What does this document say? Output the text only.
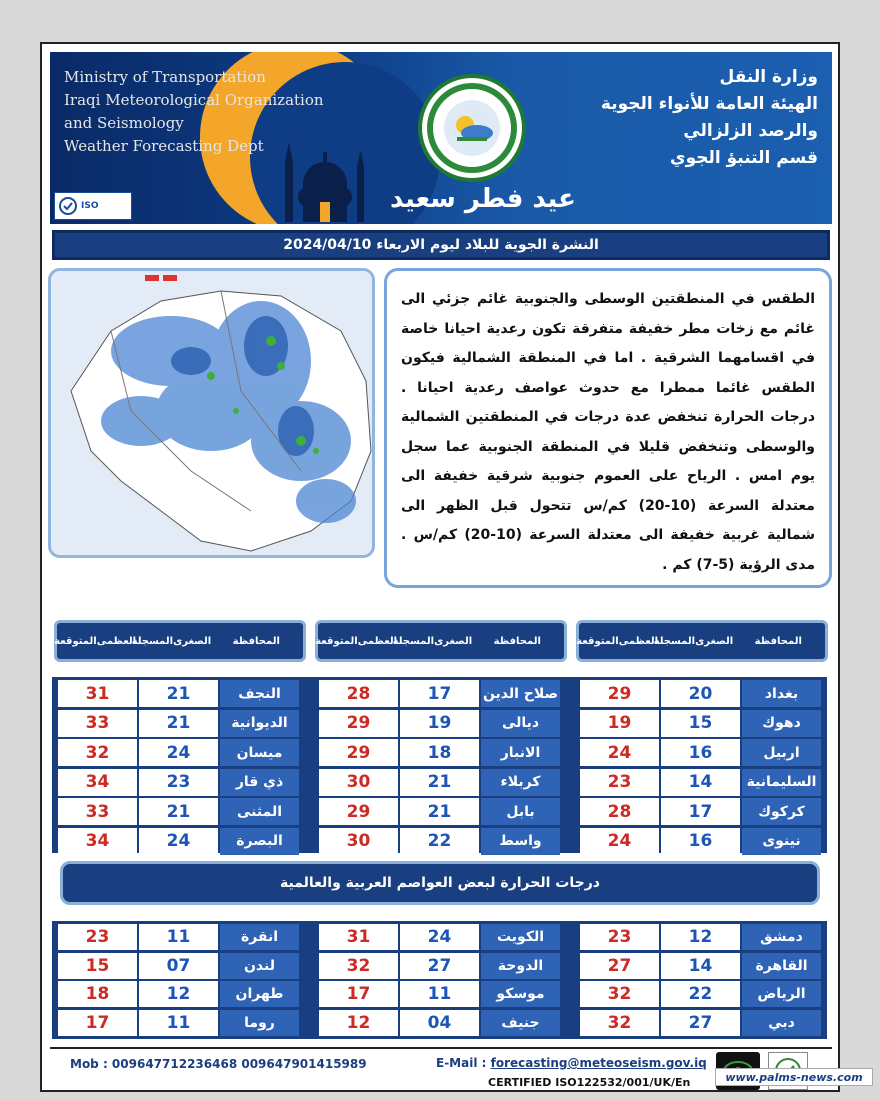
Ministry of Transportation
Iraqi Meteorological Organization
and Seismology
Weather Forecasting Dept
وزارة النقل
الهيئة العامة للأنواء الجوية
والرصد الزلزالي
قسم التنبؤ الجوي
عيد فطر سعيد
ISO
النشرة الجوية للبلاد ليوم الاربعاء 2024/04/10
الطقس في المنطقتين الوسطى والجنوبية غائم جزئي الى غائم مع زخات مطر خفيفة متفرقة تكون رعدية احيانا خاصة في اقسامهما الشرقية . اما في المنطقة الشمالية فيكون الطقس غائما ممطرا مع حدوث عواصف رعدية احيانا . درجات الحرارة تنخفض عدة درجات في المنطقتين الشمالية والوسطى وتنخفض قليلا في المنطقة الجنوبية عما سجل يوم امس . الرياح على العموم جنوبية شرقية خفيفة الى معتدلة السرعة (10-20) كم/س تتحول قبل الظهر الى شمالية غربية خفيفة الى معتدلة السرعة (10-20) كم/س . مدى الرؤية (5-7) كم .
المحافظة
الصغرى

المسجلة
العظمى

المتوقعة
المحافظة
الصغرى

المسجلة
العظمى

المتوقعة
المحافظة
الصغرى

المسجلة
العظمى

المتوقعة
بغداد
20
29
صلاح الدين
17
28
النجف
21
31
دهوك
15
19
ديالى
19
29
الديوانية
21
33
اربيل
16
24
الانبار
18
29
ميسان
24
32
السليمانية
14
23
كربلاء
21
30
ذي قار
23
34
كركوك
17
28
بابل
21
29
المثنى
21
33
نينوى
16
24
واسط
22
30
البصرة
24
34
درجات الحرارة لبعض العواصم العربية والعالمية
دمشق
12
23
الكويت
24
31
انقرة
11
23
القاهرة
14
27
الدوحة
27
32
لندن
07
15
الرياض
22
32
موسكو
11
17
طهران
12
18
دبي
27
32
جنيف
04
12
روما
11
17
Mob : 009647712236468 009647901415989	E-Mail : forecasting@meteoseism.gov.iq
CERTIFIED ISO122532/001/UK/En	www.palms-news.com
